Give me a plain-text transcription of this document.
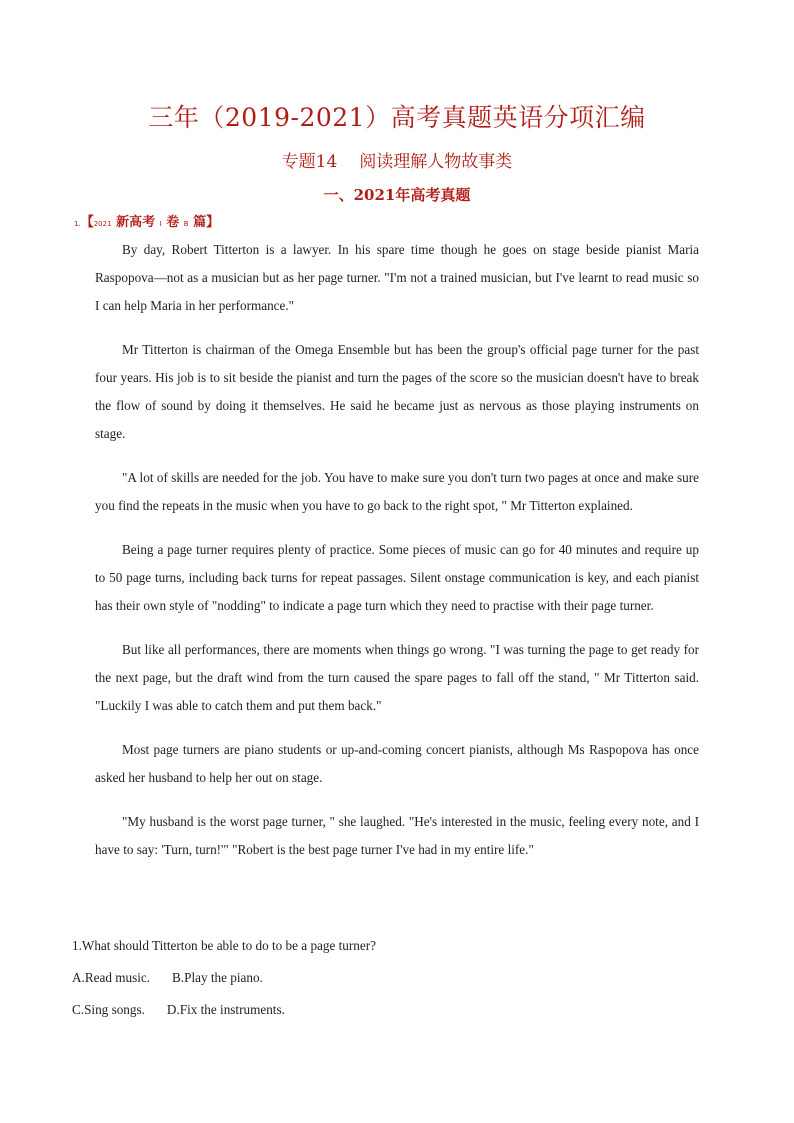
三年（2019-2021）高考真题英语分项汇编
专题14 阅读理解人物故事类
一、2021年高考真题
1.【2021 新高考 I 卷 B 篇】

By day, Robert Titterton is a lawyer. In his spare time though he goes on stage beside pianist Maria Raspopova—not as a musician but as her page turner. "I'm not a trained musician, but I've learnt to read music so I can help Maria in her performance."

Mr Titterton is chairman of the Omega Ensemble but has been the group's official page turner for the past four years. His job is to sit beside the pianist and turn the pages of the score so the musician doesn't have to break the flow of sound by doing it themselves. He said he became just as nervous as those playing instruments on stage.

"A lot of skills are needed for the job. You have to make sure you don't turn two pages at once and make sure you find the repeats in the music when you have to go back to the right spot, " Mr Titterton explained.

Being a page turner requires plenty of practice. Some pieces of music can go for 40 minutes and require up to 50 page turns, including back turns for repeat passages. Silent onstage communication is key, and each pianist has their own style of "nodding" to indicate a page turn which they need to practise with their page turner.

But like all performances, there are moments when things go wrong. "I was turning the page to get ready for the next page, but the draft wind from the turn caused the spare pages to fall off the stand, " Mr Titterton said. "Luckily I was able to catch them and put them back."

Most page turners are piano students or up-and-coming concert pianists, although Ms Raspopova has once asked her husband to help her out on stage.

"My husband is the worst page turner, " she laughed. "He's interested in the music, feeling every note, and I have to say: 'Turn, turn!'" "Robert is the best page turner I've had in my entire life."

1.What should Titterton be able to do to be a page turner?
A.Read music. B.Play the piano.
C.Sing songs. D.Fix the instruments.
